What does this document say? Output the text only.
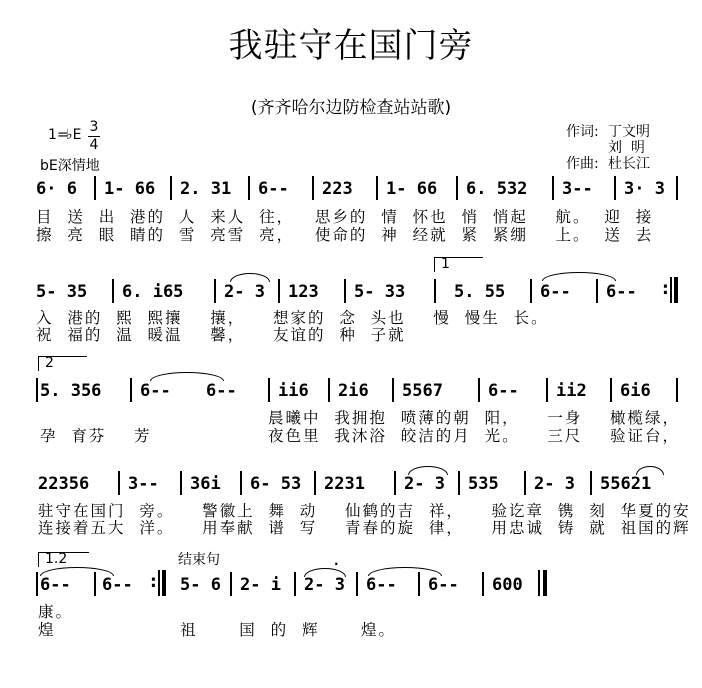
我驻守在国门旁
(齐齐哈尔边防检查站站歌)
1=
♭E 3
4
bE深情地
作词: 丁文明
刘  明
作曲: 杜长江
6· 6 1- 66 2. 31 6-- 223 1- 66 6. 532 3-- 3· 3
目  送  出  港的  人  来人  往，   思乡的  情  怀也  悄  悄起    航。  迎  接
擦  亮  眼  睛的  雪  亮雪  亮，   使命的  神  经就  紧  紧绷    上。  送  去
1
5- 35 6. i65 2- 3 123 5- 33	5. 55 6-- 6-- :
入  港的  熙  熙攘    攘，    想家的  念  头也    慢  慢生  长。
祝  福的  温  暖温    馨，    友谊的  种  子就
2
5. 356 6-- 6-- ii6 2i6 5567	6-- ii2 6i6
晨曦中  我拥抱  喷薄的朝  阳，    一身    橄榄绿，
孕  育芬    芳	夜色里  我沐浴  皎洁的月  光。    三尺    验证台，
22356 3-- 36i 6- 53 2231 2- 3 535 2- 3 55621
驻守在国门  旁。    警徽上  舞  动    仙鹤的吉  祥，    验讫章  镌  刻  华夏的安
连接着五大  洋。    用奉献  谱  写    青春的旋  律，    用忠诚  铸  就  祖国的辉
1.2	结束句
6-- 6--	5- 6 2- i 2- 3 6-- 6-- 600
·
:
康。
煌                  祖      国  的  辉      煌。
